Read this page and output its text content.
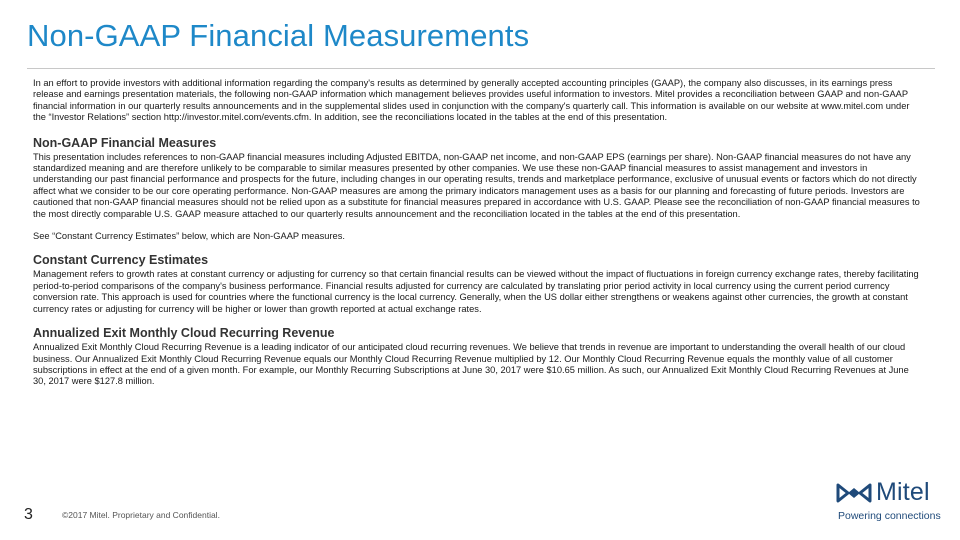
Non-GAAP Financial Measurements

In an effort to provide investors with additional information regarding the company's results as determined by generally accepted accounting principles (GAAP), the company also discusses, in its earnings press release and earnings presentation materials, the following non-GAAP information which management believes provides useful information to investors. Mitel provides a reconciliation between GAAP and non-GAAP financial information in our quarterly results announcements and in the supplemental slides used in conjunction with the company's quarterly call. This information is available on our website at www.mitel.com under the “Investor Relations” section http://investor.mitel.com/events.cfm. In addition, see the reconciliations located in the tables at the end of this presentation.

Non-GAAP Financial Measures

This presentation includes references to non-GAAP financial measures including Adjusted EBITDA, non-GAAP net income, and non-GAAP EPS (earnings per share). Non-GAAP financial measures do not have any standardized meaning and are therefore unlikely to be comparable to similar measures presented by other companies. We use these non-GAAP financial measures to assist management and investors in understanding our past financial performance and prospects for the future, including changes in our operating results, trends and marketplace performance, exclusive of unusual events or factors which do not directly affect what we consider to be our core operating performance. Non-GAAP measures are among the primary indicators management uses as a basis for our planning and forecasting of future periods. Investors are cautioned that non-GAAP financial measures should not be relied upon as a substitute for financial measures prepared in accordance with U.S. GAAP. Please see the reconciliation of non-GAAP financial measures to the most directly comparable U.S. GAAP measure attached to our quarterly results announcement and the reconciliation located in the tables at the end of this presentation.

See “Constant Currency Estimates” below, which are Non-GAAP measures.

Constant Currency Estimates

Management refers to growth rates at constant currency or adjusting for currency so that certain financial results can be viewed without the impact of fluctuations in foreign currency exchange rates, thereby facilitating period-to-period comparisons of the company's business performance. Financial results adjusted for currency are calculated by translating prior period activity in local currency using the current period currency conversion rate. This approach is used for countries where the functional currency is the local currency. Generally, when the US dollar either strengthens or weakens against other currencies, the growth at constant currency rates or adjusting for currency will be higher or lower than growth reported at actual exchange rates.

Annualized Exit Monthly Cloud Recurring Revenue

Annualized Exit Monthly Cloud Recurring Revenue is a leading indicator of our anticipated cloud recurring revenues. We believe that trends in revenue are important to understanding the overall health of our cloud business. Our Annualized Exit Monthly Cloud Recurring Revenue equals our Monthly Cloud Recurring Revenue multiplied by 12. Our Monthly Cloud Recurring Revenue equals the monthly value of all customer subscriptions in effect at the end of a given month. For example, our Monthly Recurring Subscriptions at June 30, 2017 were $10.65 million. As such, our Annualized Exit Monthly Cloud Recurring Revenues at June 30, 2017 were $127.8 million.

3	©2017 Mitel. Proprietary and Confidential.
Mitel
Powering connections
